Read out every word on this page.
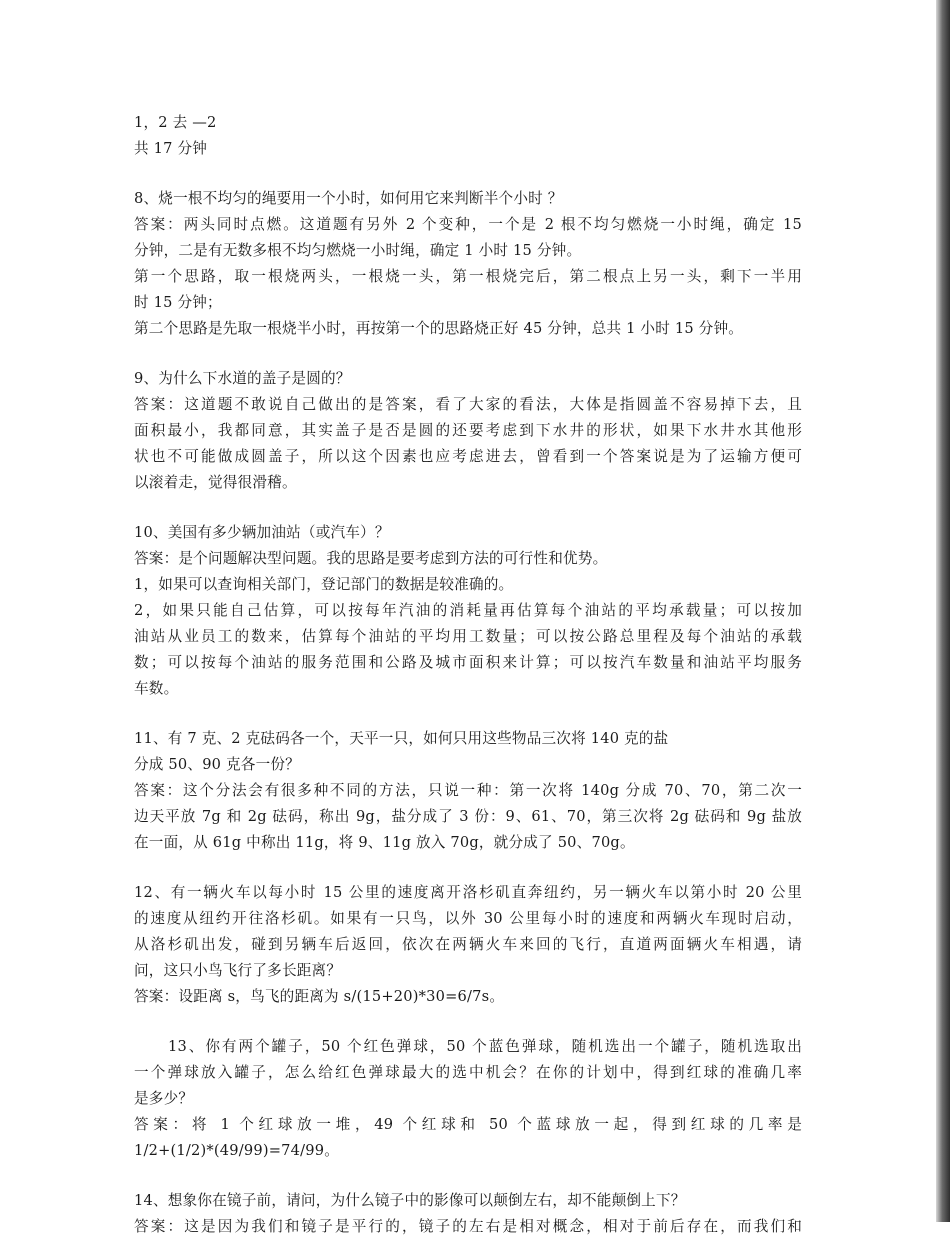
1，2 去 —2
共 17 分钟
8、烧一根不均匀的绳要用一个小时，如何用它来判断半个小时 ？
答案：两头同时点燃。这道题有另外 2 个变种，一个是 2 根不均匀燃烧一小时绳，确定 15
分钟，二是有无数多根不均匀燃烧一小时绳，确定 1 小时 15 分钟。
第一个思路，取一根烧两头，一根烧一头，第一根烧完后，第二根点上另一头，剩下一半用
时 15 分钟；
第二个思路是先取一根烧半小时，再按第一个的思路烧正好 45 分钟，总共 1 小时 15 分钟。
9、为什么下水道的盖子是圆的？
答案：这道题不敢说自己做出的是答案，看了大家的看法，大体是指圆盖不容易掉下去，且
面积最小，我都同意，其实盖子是否是圆的还要考虑到下水井的形状，如果下水井水其他形
状也不可能做成圆盖子，所以这个因素也应考虑进去，曾看到一个答案说是为了运输方便可
以滚着走，觉得很滑稽。
10、美国有多少辆加油站（或汽车）？
答案：是个问题解决型问题。我的思路是要考虑到方法的可行性和优势。
1，如果可以查询相关部门，登记部门的数据是较准确的。
2，如果只能自己估算，可以按每年汽油的消耗量再估算每个油站的平均承载量；可以按加
油站从业员工的数来，估算每个油站的平均用工数量；可以按公路总里程及每个油站的承载
数；可以按每个油站的服务范围和公路及城市面积来计算；可以按汽车数量和油站平均服务
车数。
11、有 7 克、2 克砝码各一个，天平一只，如何只用这些物品三次将 140 克的盐
分成 50、90 克各一份？
答案：这个分法会有很多种不同的方法，只说一种：第一次将 140g 分成 70、70，第二次一
边天平放 7g 和 2g 砝码，称出 9g，盐分成了 3 份：9、61、70，第三次将 2g 砝码和 9g 盐放
在一面，从 61g 中称出 11g，将 9、11g 放入 70g，就分成了 50、70g。
12、有一辆火车以每小时 15 公里的速度离开洛杉矶直奔纽约，另一辆火车以第小时 20 公里
的速度从纽约开往洛杉矶。如果有一只鸟，以外 30 公里每小时的速度和两辆火车现时启动，
从洛杉矶出发，碰到另辆车后返回，依次在两辆火车来回的飞行，直道两面辆火车相遇，请
问，这只小鸟飞行了多长距离？
答案：设距离 s，鸟飞的距离为 s/(15+20)*30=6/7s。
13、你有两个罐子，50 个红色弹球，50 个蓝色弹球，随机选出一个罐子，随机选取出
一个弹球放入罐子，怎么给红色弹球最大的选中机会？在你的计划中，得到红球的准确几率
是多少？
答案：将 1 个红球放一堆，49 个红球和 50 个蓝球放一起，得到红球的几率是
1/2+(1/2)*(49/99)=74/99。
14、想象你在镜子前，请问，为什么镜子中的影像可以颠倒左右，却不能颠倒上下？
答案：这是因为我们和镜子是平行的，镜子的左右是相对概念，相对于前后存在，而我们和
